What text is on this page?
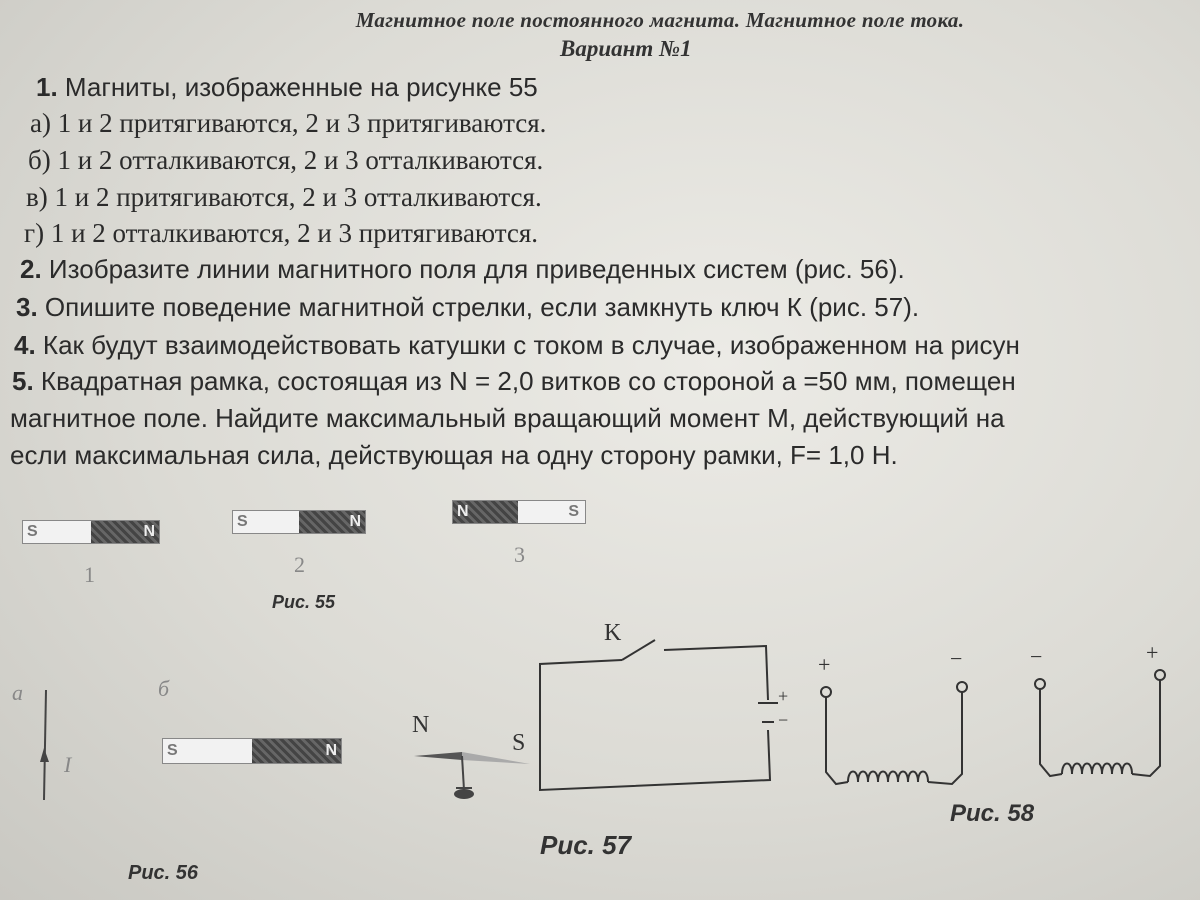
Магнитное поле постоянного магнита. Магнитное поле тока.
Вариант №1
1. Магниты, изображенные на рисунке 55
а) 1 и 2 притягиваются, 2 и 3 притягиваются.
б) 1 и 2 отталкиваются, 2 и 3 отталкиваются.
в) 1 и 2 притягиваются, 2 и 3 отталкиваются.
г) 1 и 2 отталкиваются, 2 и 3 притягиваются.
2. Изобразите линии магнитного поля для приведенных систем (рис. 56).
3. Опишите поведение магнитной стрелки, если замкнуть ключ К (рис. 57).
4. Как будут взаимодействовать катушки с током в случае, изображенном на рисун
5. Квадратная рамка, состоящая из N = 2,0 витков со стороной a =50 мм, помещен
магнитное поле. Найдите максимальный вращающий момент M, действующий на
если максимальная сила, действующая на одну сторону рамки, F= 1,0 Н.
S	N
1
S	N
2
N	S
3
Рис. 55
а	б
I
S	N
Рис. 56
K
N
S
+
−
Рис. 57
+	−	−	+
Рис. 58
